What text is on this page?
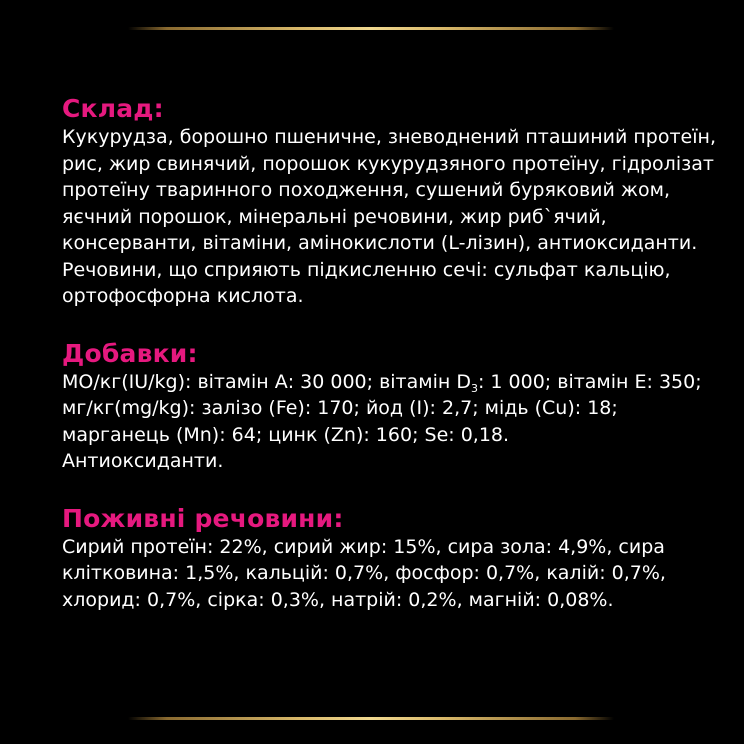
Склад:

Кукурудза, борошно пшеничне, зневоднений пташиний протеїн, рис, жир свинячий, порошок кукурудзяного протеїну, гідролізат протеїну тваринного походження, сушений буряковий жом, яєчний порошок, мінеральні речовини, жир риб`ячий, консерванти, вітаміни, амінокислоти (L-лізин), антиоксиданти.

Речовини, що сприяють підкисленню сечі: сульфат кальцію, ортофосфорна кислота.

Добавки:

МО/кг(IU/kg): вітамін А: 30 000; вітамін $D_3$: 1 000; вітамін Е: 350;

мг/кг(mg/kg): залізо (Fe): 170; йод (I): 2,7; мідь (Cu): 18; марганець (Mn): 64; цинк (Zn): 160; Se: 0,18.

Антиоксиданти.

Поживні речовини:

Сирий протеїн: 22%, сирий жир: 15%, сира зола: 4,9%, сира клітковина: 1,5%, кальцій: 0,7%, фосфор: 0,7%, калій: 0,7%, хлорид: 0,7%, сірка: 0,3%, натрій: 0,2%, магній: 0,08%.
